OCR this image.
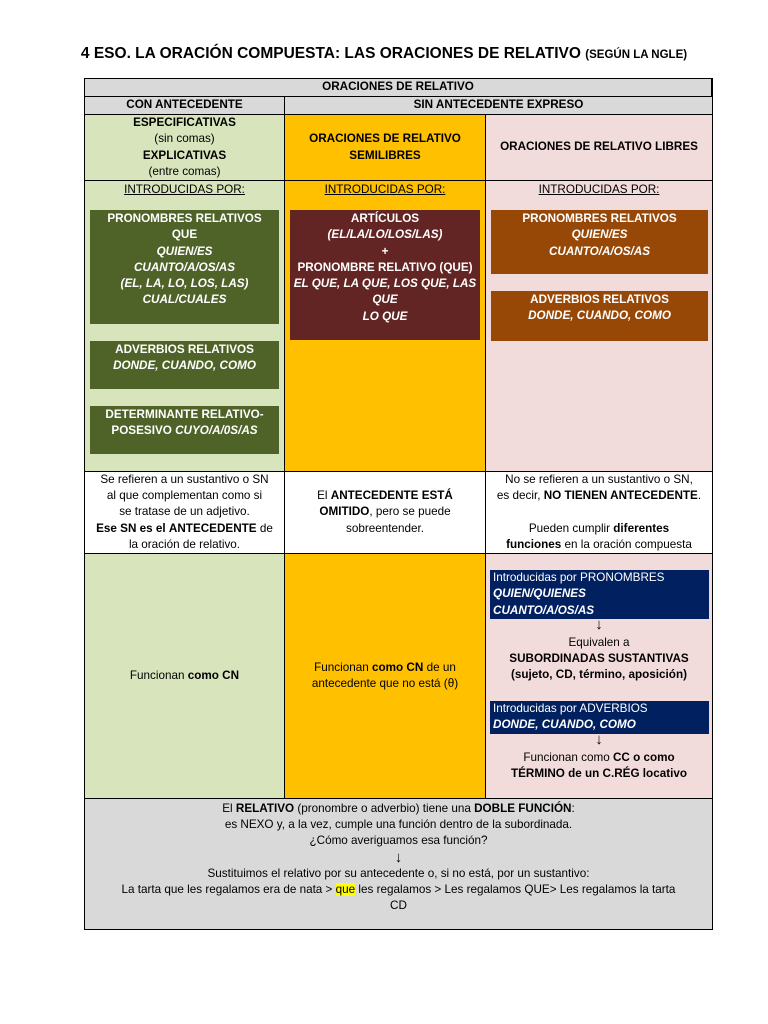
4 ESO. LA ORACIÓN COMPUESTA: LAS ORACIONES DE RELATIVO (SEGÚN LA NGLE)
ORACIONES DE RELATIVO
CON ANTECEDENTE	SIN ANTECEDENTE EXPRESO
ESPECIFICATIVAS
(sin comas)
EXPLICATIVAS
(entre comas)
ORACIONES DE RELATIVO
SEMILIBRES
ORACIONES DE RELATIVO LIBRES
INTRODUCIDAS POR:
PRONOMBRES RELATIVOS
QUE
QUIEN/ES
CUANTO/A/OS/AS
(EL, LA, LO, LOS, LAS)
CUAL/CUALES
ADVERBIOS RELATIVOS
DONDE, CUANDO, COMO
DETERMINANTE RELATIVO-
POSESIVO CUYO/A/0S/AS
INTRODUCIDAS POR:
ARTÍCULOS
(EL/LA/LO/LOS/LAS)
+
PRONOMBRE RELATIVO (QUE)
EL QUE, LA QUE, LOS QUE, LAS
QUE
LO QUE
INTRODUCIDAS POR:
PRONOMBRES RELATIVOS
QUIEN/ES
CUANTO/A/OS/AS
ADVERBIOS RELATIVOS
DONDE, CUANDO, COMO
Se refieren a un sustantivo o SN
al que complementan como si
se tratase de un adjetivo.
Ese SN es el ANTECEDENTE de
la oración de relativo.
El ANTECEDENTE ESTÁ
OMITIDO, pero se puede
sobreentender.
No se refieren a un sustantivo o SN,
es decir, NO TIENEN ANTECEDENTE.
Pueden cumplir diferentes
funciones en la oración compuesta
Funcionan como CN
Funcionan como CN de un
antecedente que no está (θ)
Introducidas por PRONOMBRES
QUIEN/QUIENES
CUANTO/A/OS/AS
↓
Equivalen a
SUBORDINADAS SUSTANTIVAS
(sujeto, CD, término, aposición)
Introducidas por ADVERBIOS
DONDE, CUANDO, COMO
↓
Funcionan como CC o como
TÉRMINO de un C.RÉG locativo
El RELATIVO (pronombre o adverbio) tiene una DOBLE FUNCIÓN:
es NEXO y, a la vez, cumple una función dentro de la subordinada.
¿Cómo averiguamos esa función?
↓
Sustituimos el relativo por su antecedente o, si no está, por un sustantivo:
La tarta que les regalamos era de nata > que les regalamos > Les regalamos QUE> Les regalamos la tarta
CD
